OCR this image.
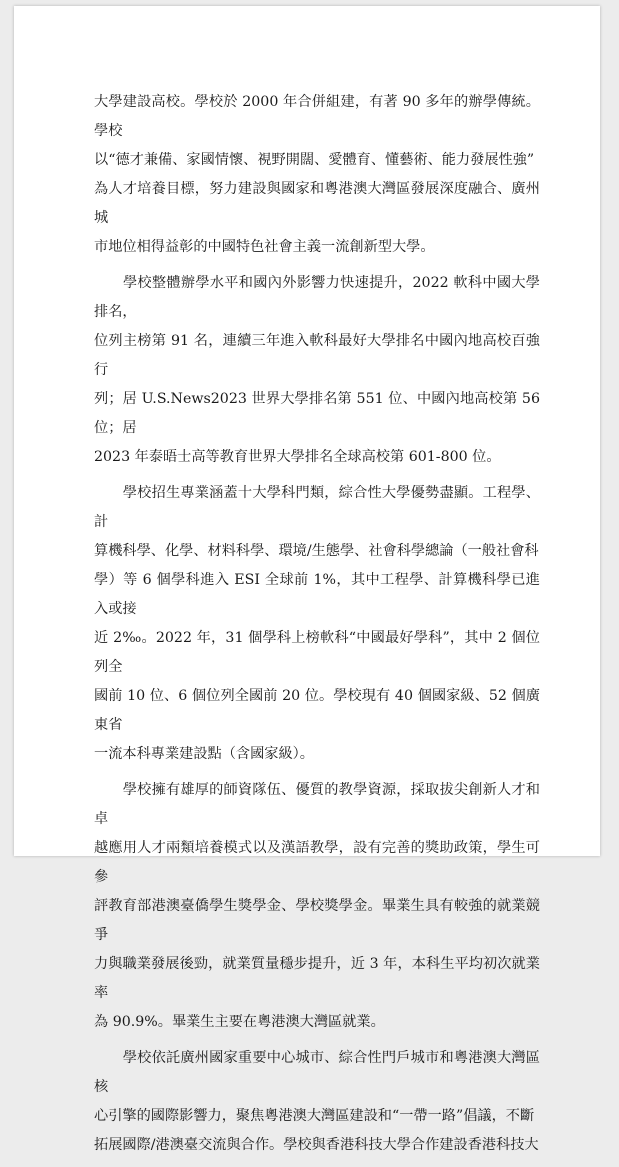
大學建設高校。學校於 2000 年合併組建，有著 90 多年的辦學傳統。學校
以“德才兼備、家國情懷、視野開闊、愛體育、懂藝術、能力發展性強”
為人才培養目標，努力建設與國家和粵港澳大灣區發展深度融合、廣州城
市地位相得益彰的中國特色社會主義一流創新型大學。
　　學校整體辦學水平和國內外影響力快速提升，2022 軟科中國大學排名，
位列主榜第 91 名，連續三年進入軟科最好大學排名中國內地高校百強行
列；居 U.S.News2023 世界大學排名第 551 位、中國內地高校第 56 位；居
2023 年泰晤士高等教育世界大學排名全球高校第 601-800 位。
　　學校招生專業涵蓋十大學科門類，綜合性大學優勢盡顯。工程學、計
算機科學、化學、材料科學、環境/生態學、社會科學總論（一般社會科
學）等 6 個學科進入 ESI 全球前 1%，其中工程學、計算機科學已進入或接
近 2‰。2022 年，31 個學科上榜軟科“中國最好學科”，其中 2 個位列全
國前 10 位、6 個位列全國前 20 位。學校現有 40 個國家級、52 個廣東省
一流本科專業建設點（含國家級）。
　　學校擁有雄厚的師資隊伍、優質的教學資源，採取拔尖創新人才和卓
越應用人才兩類培養模式以及漢語教學，設有完善的獎助政策，學生可參
評教育部港澳臺僑學生獎學金、學校獎學金。畢業生具有較強的就業競爭
力與職業發展後勁，就業質量穩步提升，近 3 年，本科生平均初次就業率
為 90.9%。畢業生主要在粵港澳大灣區就業。
　　學校依託廣州國家重要中心城市、綜合性門戶城市和粵港澳大灣區核
心引擎的國際影響力，聚焦粵港澳大灣區建設和“一帶一路”倡議，不斷
拓展國際/港澳臺交流與合作。學校與香港科技大學合作建設香港科技大
